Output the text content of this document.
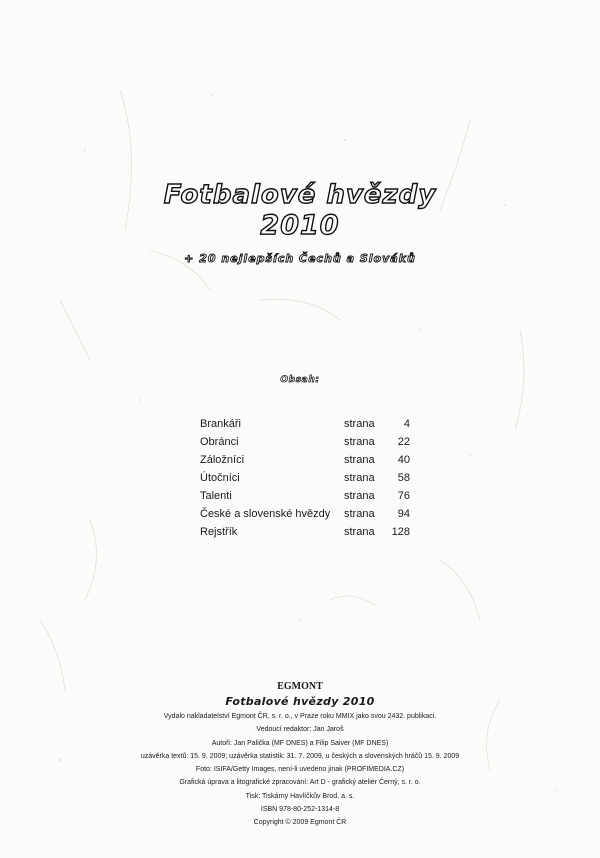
Fotbalové hvězdy
2010
+ 20 nejlepších Čechů a Slováků
Obsah:
Brankáři	strana	4
Obránci	strana 22
Záložníci	strana 40
Útočníci	strana 58
Talenti	strana 76
České a slovenské hvězdy strana 94
Rejstřík	strana 128
EGMONT
Fotbalové hvězdy 2010
Vydalo nakladatelství Egmont ČR, s. r. o., v Praze roku MMIX jako svou 2432. publikaci.
Vedoucí redaktor: Jan Jaroš
Autoři: Jan Palička (MF DNES) a Filip Saiver (MF DNES)
uzávěrka textů: 15. 9. 2009; uzávěrka statistik: 31. 7. 2009, u českých a slovenských hráčů 15. 9. 2009
Foto: ISIFA/Getty Images, není-li uvedeno jinak (PROFIMEDIA.CZ)
Grafická úprava a litografické zpracování: Art D - grafický ateliér Černý, s. r. o.
Tisk: Tiskárny Havlíčkův Brod, a. s.
ISBN 978-80-252-1314-8
Copyright © 2009 Egmont ČR
